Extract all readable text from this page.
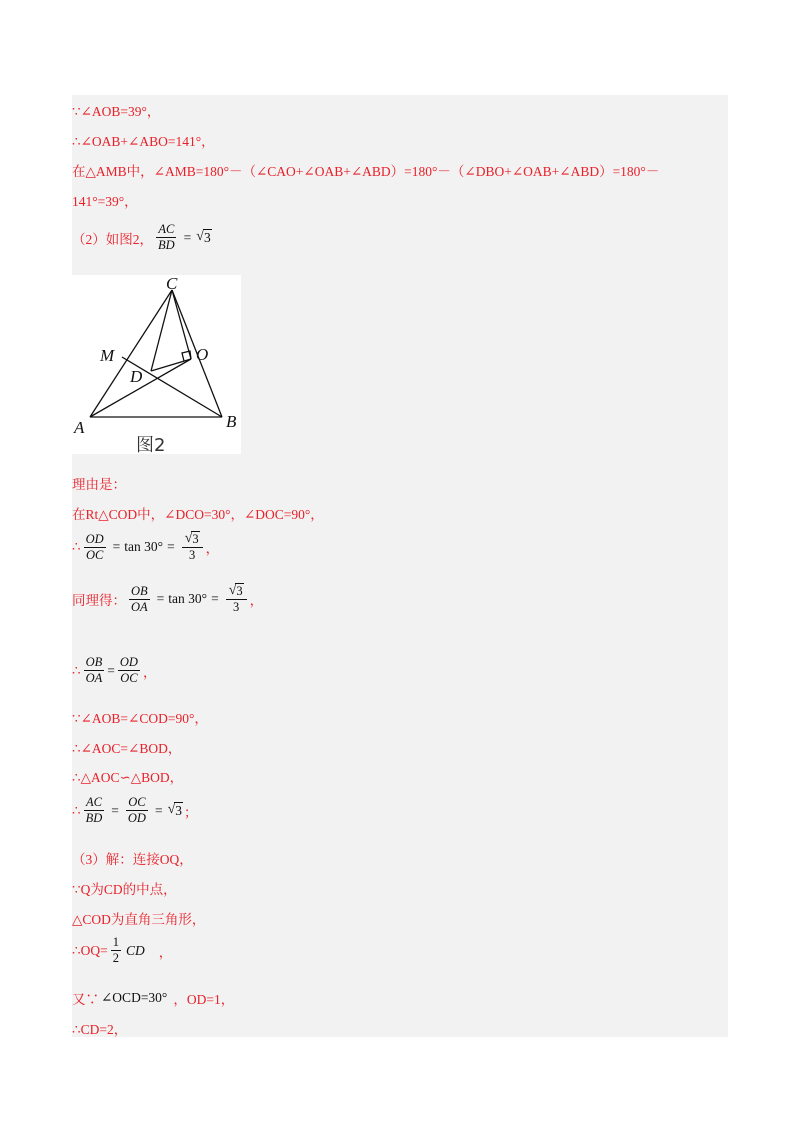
∵∠AOB=39°，
∴∠OAB+∠ABO=141°，
在△AMB中，∠AMB=180°－（∠CAO+∠OAB+∠ABD）=180°－（∠DBO+∠OAB+∠ABD）=180°－
141°=39°，
（2）如图2， $\frac{AC}{BD}$ = √ 3
C
M	O
D
A	B
图2
理由是：
在Rt△COD中，∠DCO=30°，∠DOC=90°，
∴ $\frac{OD}{OC} = \tan 30^\circ = \frac{√ 3}{3}$ ，
同理得： $\frac{OB}{OA} = \tan 30^\circ = \frac{√ 3}{3}$ ，
∴ $\frac{OB}{OA} = \frac{OD}{OC}$ ，
∵∠AOB=∠COD=90°，
∴∠AOC=∠BOD，
∴△AOC∽△BOD，
∴ $\frac{AC}{BD} = \frac{OC}{OD}$ = √ 3 ；
（3）解：连接OQ，
∵Q为CD的中点，
△COD为直角三角形，
∴OQ= $\frac{1}{2}$ CD ，
又∵ ∠OCD=30° ，OD=1，
∴CD=2，
